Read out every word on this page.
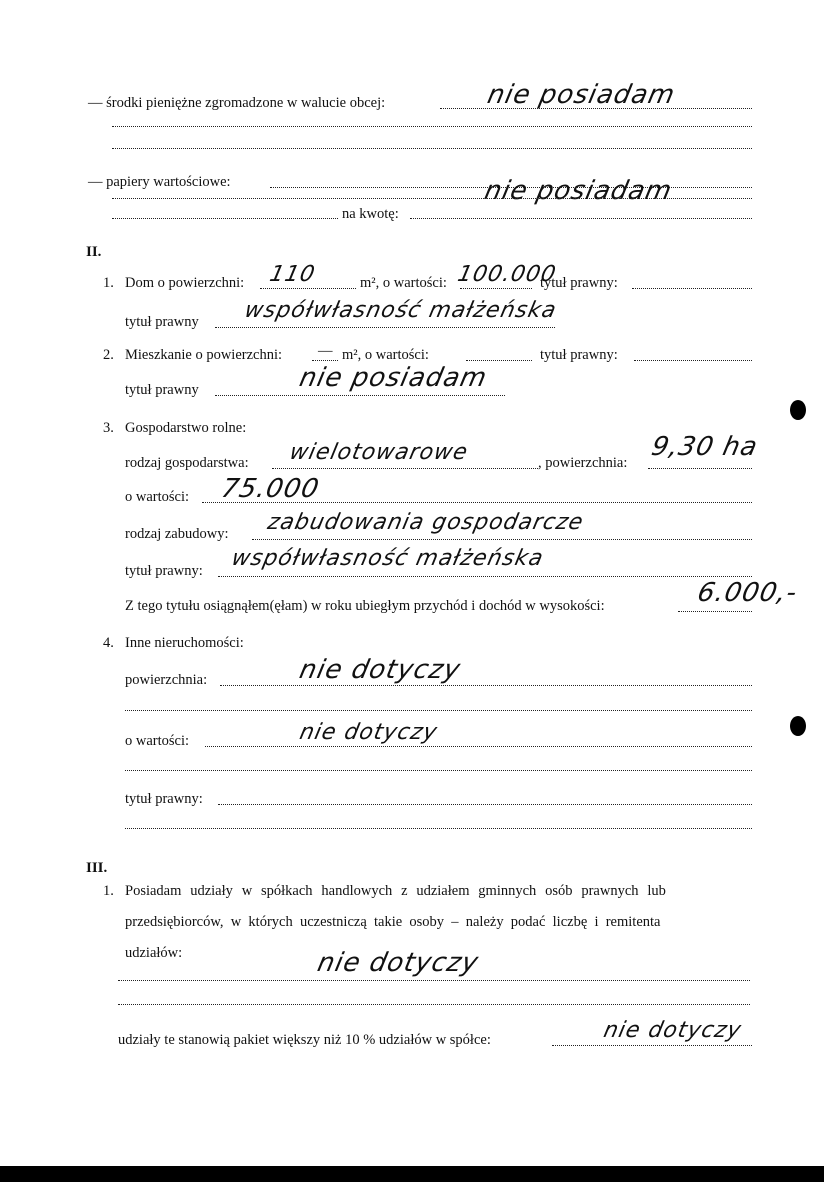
— środki pieniężne zgromadzone w walucie obcej:	nie posiadam
— papiery wartościowe:	nie posiadam
na kwotę:
II.
1. Dom o powierzchni: 110	m², o wartości: 100.000
tytuł prawny:
tytuł prawny współwłasność małżeńska
2. Mieszkanie o powierzchni: — m², o wartości:	tytuł prawny:
tytuł prawny	nie posiadam
3. Gospodarstwo rolne:
rodzaj gospodarstwa: wielotowarowe	, powierzchnia:
9,30 ha
o wartości: 75.000
rodzaj zabudowy: zabudowania gospodarcze
tytuł prawny: współwłasność małżeńska
Z tego tytułu osiągnąłem(ęłam) w roku ubiegłym przychód i dochód w wysokości:	6.000,-
4. Inne nieruchomości:
powierzchnia:	nie dotyczy
o wartości:	nie dotyczy
tytuł prawny:
III.
1. Posiadam udziały w spółkach handlowych z udziałem gminnych osób prawnych lub
przedsiębiorców, w których uczestniczą takie osoby – należy podać liczbę i remitenta
udziałów:	nie dotyczy
udziały te stanowią pakiet większy niż 10 % udziałów w spółce:	nie dotyczy
